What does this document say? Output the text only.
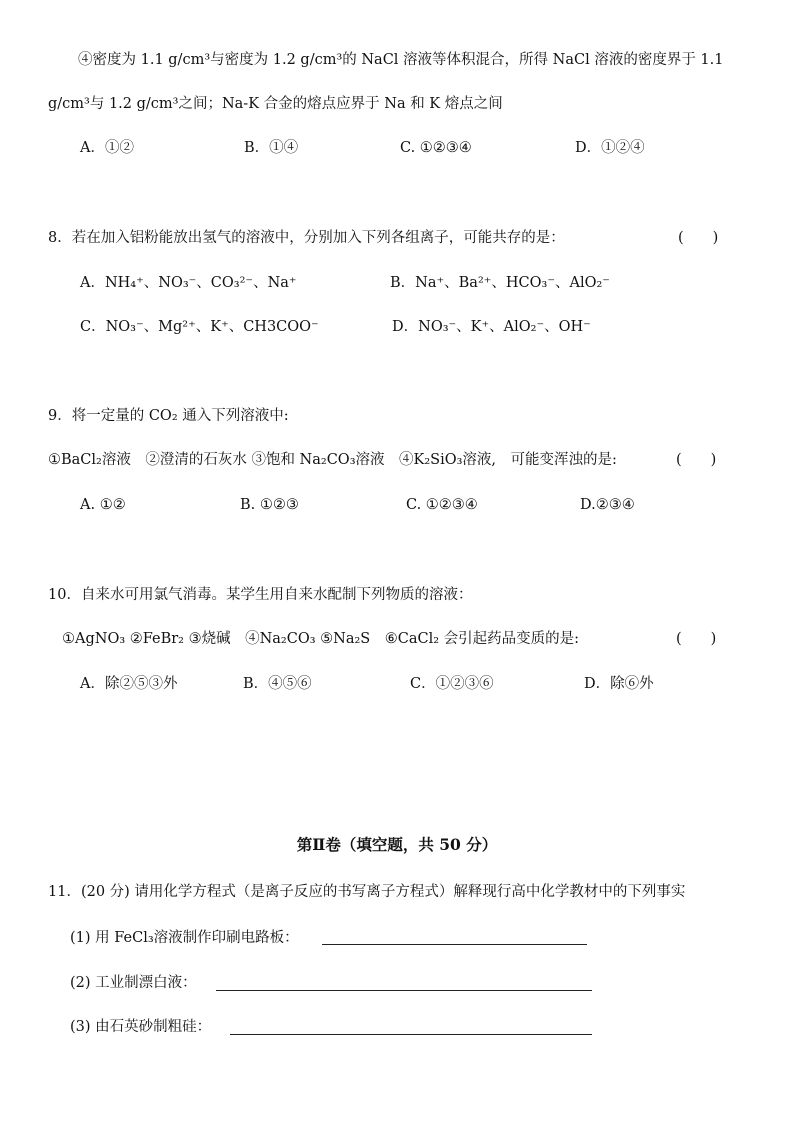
④密度为 1.1 g/cm³与密度为 1.2 g/cm³的 NaCl 溶液等体积混合，所得 NaCl 溶液的密度界于 1.1
g/cm³与 1.2 g/cm³之间；Na-K 合金的熔点应界于 Na 和 K 熔点之间
A．①②	B．①④	C. ①②③④	D．①②④
8．若在加入铝粉能放出氢气的溶液中，分别加入下列各组离子，可能共存的是：	(　　)
A．NH₄⁺、NO₃⁻、CO₃²⁻、Na⁺	B．Na⁺、Ba²⁺、HCO₃⁻、AlO₂⁻
C．NO₃⁻、Mg²⁺、K⁺、CH3COO⁻	D．NO₃⁻、K⁺、AlO₂⁻、OH⁻
9．将一定量的 CO₂ 通入下列溶液中:
①BaCl₂溶液　②澄清的石灰水 ③饱和 Na₂CO₃溶液　④K₂SiO₃溶液,　可能变浑浊的是:	(　　)
A. ①②	B. ①②③	C. ①②③④	D.②③④
10．自来水可用氯气消毒。某学生用自来水配制下列物质的溶液：
①AgNO₃ ②FeBr₂ ③烧碱　④Na₂CO₃ ⑤Na₂S　⑥CaCl₂ 会引起药品变质的是:	(　　)
A．除②⑤③外	B．④⑤⑥	C．①②③⑥	D．除⑥外
第Ⅱ卷（填空题，共 50 分）
11．(20 分) 请用化学方程式（是离子反应的书写离子方程式）解释现行高中化学教材中的下列事实
(1) 用 FeCl₃溶液制作印刷电路板：
(2) 工业制漂白液：
(3) 由石英砂制粗硅：
